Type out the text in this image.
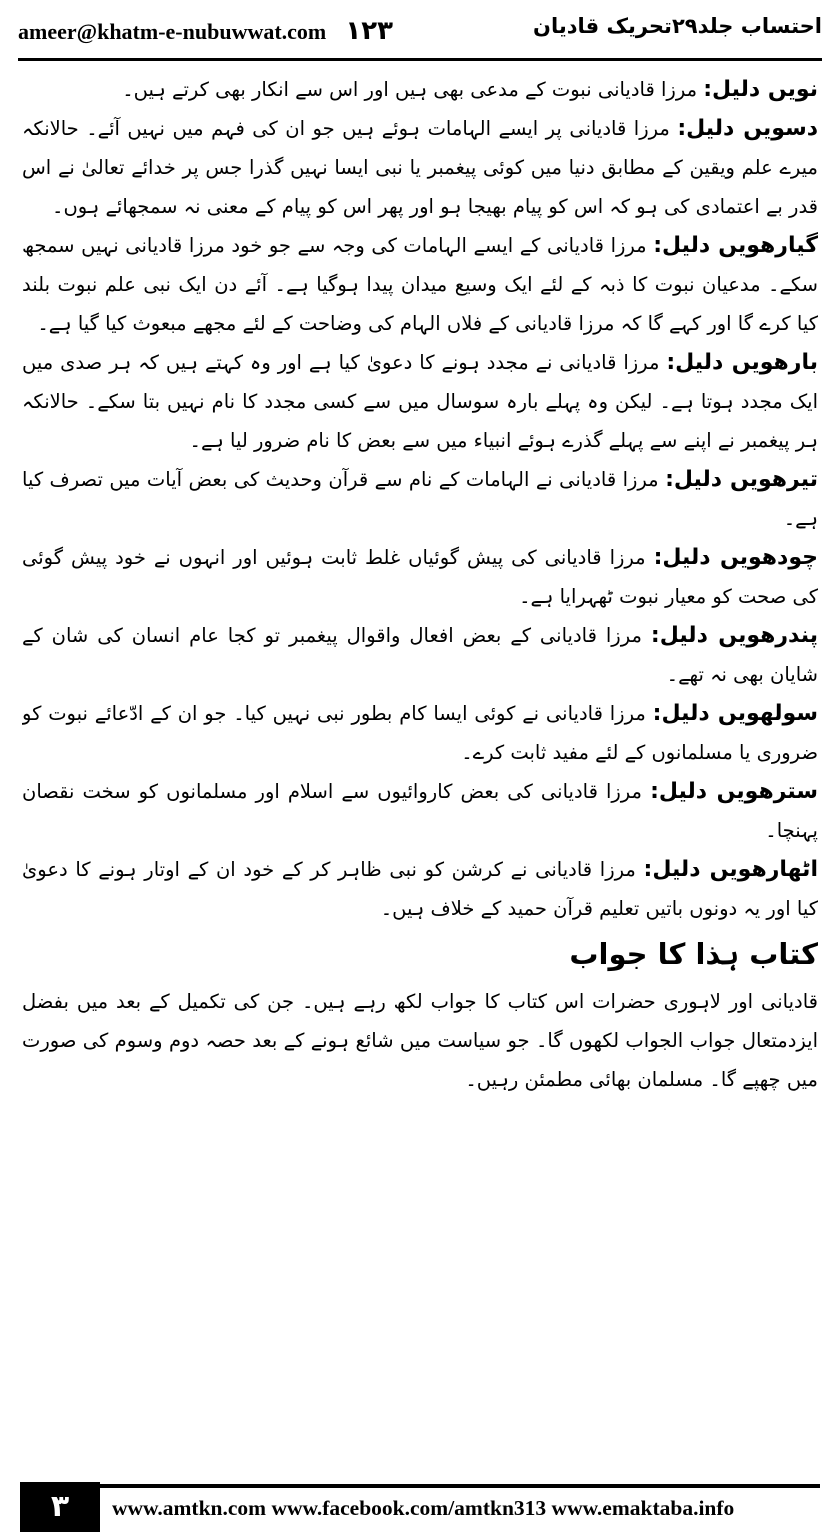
ameer@khatm-e-nubuwwat.com ۱۲۳	احتساب جلد۲۹تحریک قادیان

نویں دلیل: مرزا قادیانی نبوت کے مدعی بھی ہیں اور اس سے انکار بھی کرتے ہیں۔

دسویں دلیل: مرزا قادیانی پر ایسے الہامات ہوئے ہیں جو ان کی فہم میں نہیں آئے۔ حالانکہ میرے علم ویقین کے مطابق دنیا میں کوئی پیغمبر یا نبی ایسا نہیں گذرا جس پر خدائے تعالیٰ نے اس قدر بے اعتمادی کی ہو کہ اس کو پیام بھیجا ہو اور پھر اس کو پیام کے معنی نہ سمجھائے ہوں۔

گیارھویں دلیل: مرزا قادیانی کے ایسے الہامات کی وجہ سے جو خود مرزا قادیانی نہیں سمجھ سکے۔ مدعیان نبوت کا ذبہ کے لئے ایک وسیع میدان پیدا ہوگیا ہے۔ آئے دن ایک نبی علم نبوت بلند کیا کرے گا اور کہے گا کہ مرزا قادیانی کے فلاں الہام کی وضاحت کے لئے مجھے مبعوث کیا گیا ہے۔

بارھویں دلیل: مرزا قادیانی نے مجدد ہونے کا دعویٰ کیا ہے اور وہ کہتے ہیں کہ ہر صدی میں ایک مجدد ہوتا ہے۔ لیکن وہ پہلے بارہ سوسال میں سے کسی مجدد کا نام نہیں بتا سکے۔ حالانکہ ہر پیغمبر نے اپنے سے پہلے گذرے ہوئے انبیاء میں سے بعض کا نام ضرور لیا ہے۔

تیرھویں دلیل: مرزا قادیانی نے الہامات کے نام سے قرآن وحدیث کی بعض آیات میں تصرف کیا ہے۔

چودھویں دلیل: مرزا قادیانی کی پیش گوئیاں غلط ثابت ہوئیں اور انہوں نے خود پیش گوئی کی صحت کو معیار نبوت ٹھہرایا ہے۔

پندرھویں دلیل: مرزا قادیانی کے بعض افعال واقوال پیغمبر تو کجا عام انسان کی شان کے شایان بھی نہ تھے۔

سولھویں دلیل: مرزا قادیانی نے کوئی ایسا کام بطور نبی نہیں کیا۔ جو ان کے ادّعائے نبوت کو ضروری یا مسلمانوں کے لئے مفید ثابت کرے۔

سترھویں دلیل: مرزا قادیانی کی بعض کاروائیوں سے اسلام اور مسلمانوں کو سخت نقصان پہنچا۔

اٹھارھویں دلیل: مرزا قادیانی نے کرشن کو نبی ظاہر کر کے خود ان کے اوتار ہونے کا دعویٰ کیا اور یہ دونوں باتیں تعلیم قرآن حمید کے خلاف ہیں۔

کتاب ہذا کا جواب

قادیانی اور لاہوری حضرات اس کتاب کا جواب لکھ رہے ہیں۔ جن کی تکمیل کے بعد میں بفضل ایزدمتعال جواب الجواب لکھوں گا۔ جو سیاست میں شائع ہونے کے بعد حصہ دوم وسوم کی صورت میں چھپے گا۔ مسلمان بھائی مطمئن رہیں۔

۳	www.amtkn.com www.facebook.com/amtkn313 www.emaktaba.info
